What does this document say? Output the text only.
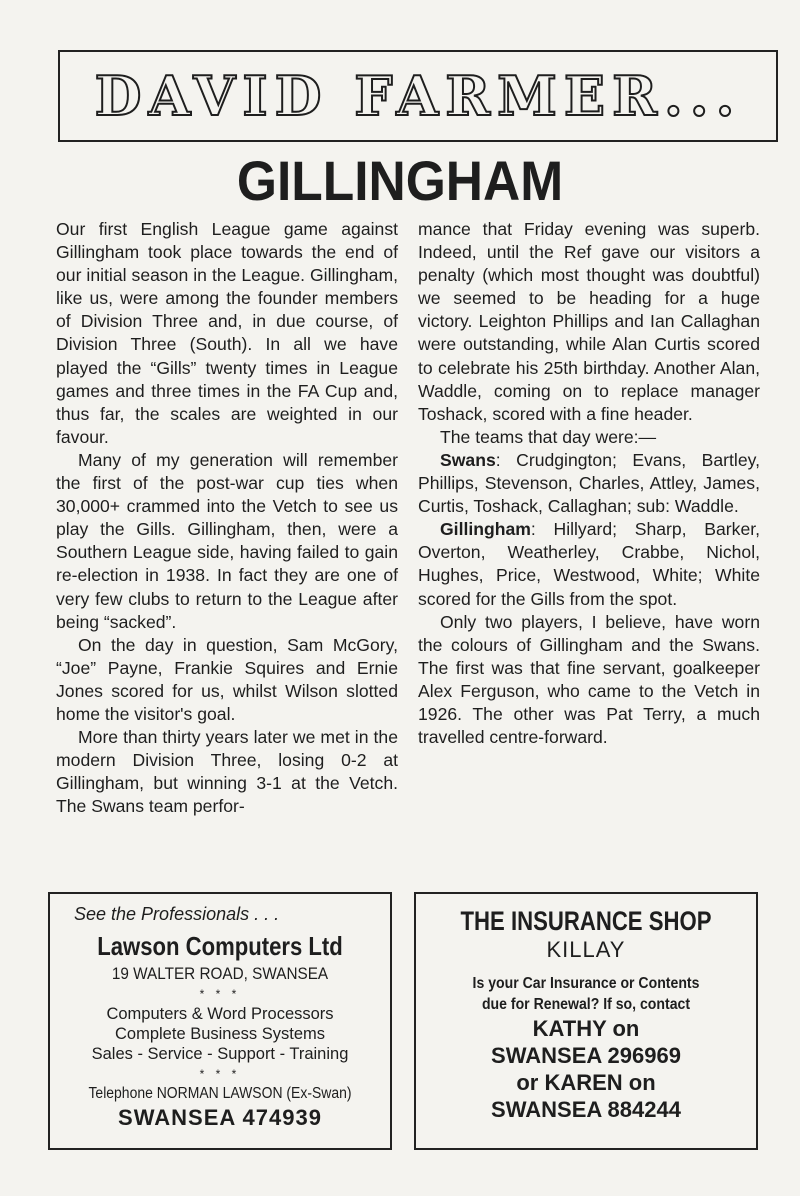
DAVID FARMER...
GILLINGHAM

Our first English League game against Gillingham took place towards the end of our initial season in the League. Gillingham, like us, were among the founder members of Division Three and, in due course, of Division Three (South). In all we have played the “Gills” twenty times in League games and three times in the FA Cup and, thus far, the scales are weighted in our favour.

Many of my generation will remember the first of the post-war cup ties when 30,000+ crammed into the Vetch to see us play the Gills. Gillingham, then, were a Southern League side, having failed to gain re-election in 1938. In fact they are one of very few clubs to return to the League after being “sacked”.

On the day in question, Sam McGory, “Joe” Payne, Frankie Squires and Ernie Jones scored for us, whilst Wilson slotted home the visitor's goal.

More than thirty years later we met in the modern Division Three, losing 0-2 at Gillingham, but winning 3-1 at the Vetch. The Swans team perfor-

mance that Friday evening was superb. Indeed, until the Ref gave our visitors a penalty (which most thought was doubtful) we seemed to be heading for a huge victory. Leighton Phillips and Ian Callaghan were outstanding, while Alan Curtis scored to celebrate his 25th birthday. Another Alan, Waddle, coming on to replace manager Toshack, scored with a fine header.

The teams that day were:—

Swans: Crudgington; Evans, Bartley, Phillips, Stevenson, Charles, Attley, James, Curtis, Toshack, Callaghan; sub: Waddle.

Gillingham: Hillyard; Sharp, Barker, Overton, Weatherley, Crabbe, Nichol, Hughes, Price, Westwood, White; White scored for the Gills from the spot.

Only two players, I believe, have worn the colours of Gillingham and the Swans. The first was that fine servant, goalkeeper Alex Ferguson, who came to the Vetch in 1926. The other was Pat Terry, a much travelled centre-forward.

See the Professionals . . .
Lawson Computers Ltd
19 WALTER ROAD, SWANSEA
* * *
Computers & Word Processors
Complete Business Systems
Sales - Service - Support - Training
* * *
Telephone NORMAN LAWSON (Ex-Swan)
SWANSEA 474939
THE INSURANCE SHOP
KILLAY
Is your Car Insurance or Contents
due for Renewal? If so, contact
KATHY on
SWANSEA 296969
or KAREN on
SWANSEA 884244
